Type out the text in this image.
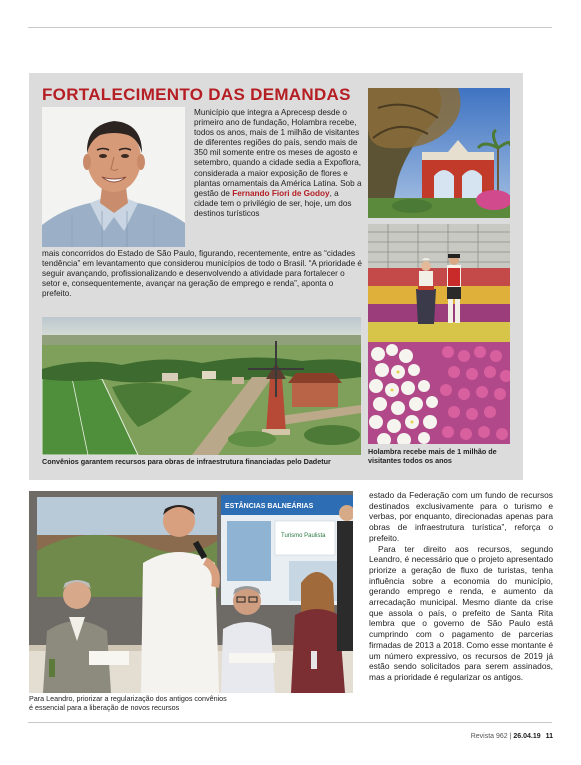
FORTALECIMENTO DAS DEMANDAS
Município que integra a Aprecesp desde o primeiro ano de fundação, Holambra recebe, todos os anos, mais de 1 milhão de visitantes de diferentes regiões do país, sendo mais de 350 mil somente entre os meses de agosto e setembro, quando a cidade sedia a Expoflora, considerada a maior exposição de flores e plantas ornamentais da América Latina. Sob a gestão de Fernando Fiori de Godoy, a cidade tem o privilégio de ser, hoje, um dos destinos turísticos

mais concorridos do Estado de São Paulo, figurando, recentemente, entre as “cidades tendência” em levantamento que considerou municípios de todo o Brasil. “A prioridade é seguir avançando, profissionalizando e desenvolvendo a atividade para fortalecer o setor e, consequentemente, avançar na geração de emprego e renda”, aponta o prefeito.

Convênios garantem recursos para obras de infraestrutura financiadas pelo Dadetur

Holambra recebe mais de 1 milhão de visitantes todos os anos

ESTÂNCIAS BALNEÁRIAS
Turismo Paulista

Para Leandro, priorizar a regularização dos antigos convênios
é essencial para a liberação de novos recursos

estado da Federação com um fundo de recursos destinados exclusivamente para o turismo e verbas, por enquanto, direcionadas apenas para obras de infraestrutura turística”, reforça o prefeito.

Para ter direito aos recursos, segundo Leandro, é necessário que o projeto apresentado priorize a geração de fluxo de turistas, tenha influência sobre a economia do município, gerando emprego e renda, e aumento da arrecadação municipal. Mesmo diante da crise que assola o país, o prefeito de Santa Rita lembra que o governo de São Paulo está cumprindo com o pagamento de parcerias firmadas de 2013 a 2018. Como esse montante é um número expressivo, os recursos de 2019 já estão sendo solicitados para serem assinados, mas a prioridade é regularizar os antigos.

Revista 962 | 26.04.19 11
